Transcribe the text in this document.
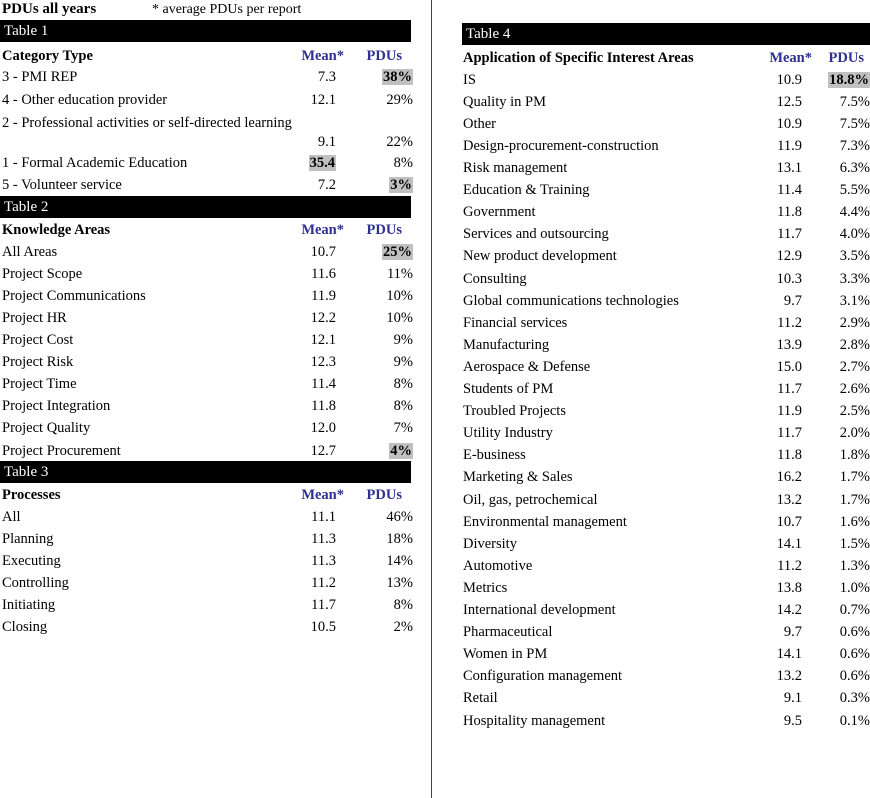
PDUs all years	* average PDUs per report
Table 1
Category Type	Mean*	PDUs
3 - PMI REP	7.3	38%
4 - Other education provider	12.1	29%
2 - Professional activities or self-directed learning
9.1	22%
1 - Formal Academic Education	35.4	8%
5 - Volunteer service	7.2	3%
Table 2
Knowledge Areas	Mean*	PDUs
All Areas	10.7	25%
Project Scope	11.6	11%
Project Communications	11.9	10%
Project HR	12.2	10%
Project Cost	12.1	9%
Project Risk	12.3	9%
Project Time	11.4	8%
Project Integration	11.8	8%
Project Quality	12.0	7%
Project Procurement	12.7	4%
Table 3
Processes	Mean*	PDUs
All	11.1	46%
Planning	11.3	18%
Executing	11.3	14%
Controlling	11.2	13%
Initiating	11.7	8%
Closing	10.5	2%
Table 4
Application of Specific Interest Areas	Mean*	PDUs
IS	10.9	18.8%
Quality in PM	12.5	7.5%
Other	10.9	7.5%
Design-procurement-construction	11.9	7.3%
Risk management	13.1	6.3%
Education & Training	11.4	5.5%
Government	11.8	4.4%
Services and outsourcing	11.7	4.0%
New product development	12.9	3.5%
Consulting	10.3	3.3%
Global communications technologies	9.7	3.1%
Financial services	11.2	2.9%
Manufacturing	13.9	2.8%
Aerospace & Defense	15.0	2.7%
Students of PM	11.7	2.6%
Troubled Projects	11.9	2.5%
Utility Industry	11.7	2.0%
E-business	11.8	1.8%
Marketing & Sales	16.2	1.7%
Oil, gas, petrochemical	13.2	1.7%
Environmental management	10.7	1.6%
Diversity	14.1	1.5%
Automotive	11.2	1.3%
Metrics	13.8	1.0%
International development	14.2	0.7%
Pharmaceutical	9.7	0.6%
Women in PM	14.1	0.6%
Configuration management	13.2	0.6%
Retail	9.1	0.3%
Hospitality management	9.5	0.1%
